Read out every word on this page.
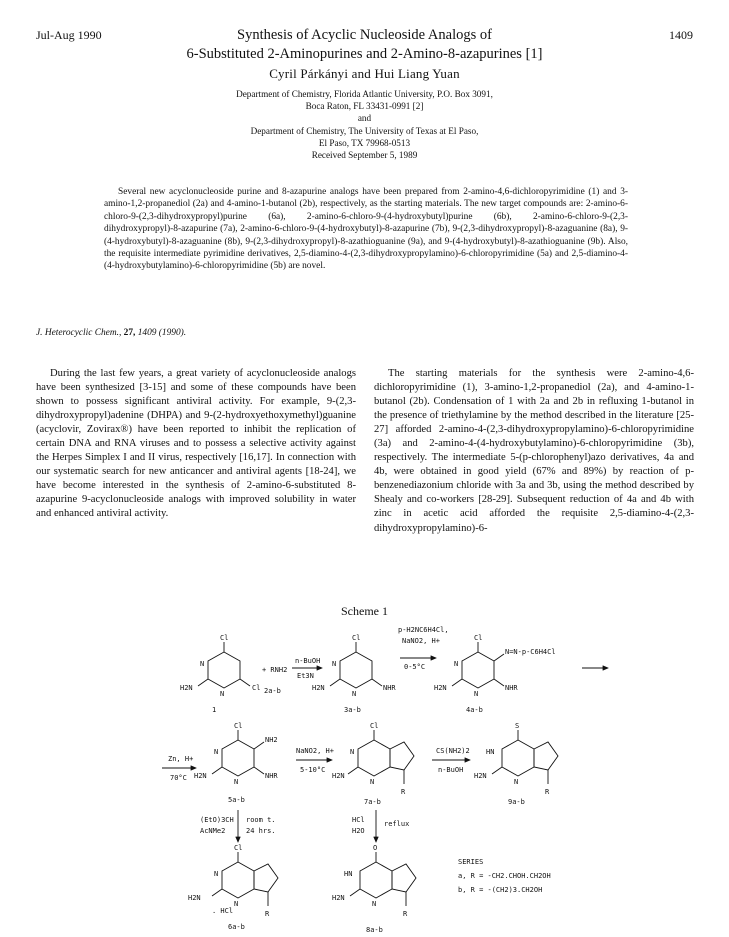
Jul-Aug 1990	1409
Synthesis of Acyclic Nucleoside Analogs of
6-Substituted 2-Aminopurines and 2-Amino-8-azapurines [1]
Cyril Párkányi and Hui Liang Yuan
Department of Chemistry, Florida Atlantic University, P.O. Box 3091,
Boca Raton, FL 33431-0991 [2]
and
Department of Chemistry, The University of Texas at El Paso,
El Paso, TX 79968-0513
Received September 5, 1989
Several new acyclonucleoside purine and 8-azapurine analogs have been prepared from 2-amino-4,6-dichloropyrimidine (1) and 3-amino-1,2-propanediol (2a) and 4-amino-1-butanol (2b), respectively, as the starting materials. The new target compounds are: 2-amino-6-chloro-9-(2,3-dihydroxypropyl)purine (6a), 2-amino-6-chloro-9-(4-hydroxybutyl)purine (6b), 2-amino-6-chloro-9-(2,3-dihydroxypropyl)-8-azapurine (7a), 2-amino-6-chloro-9-(4-hydroxybutyl)-8-azapurine (7b), 9-(2,3-dihydroxypropyl)-8-azaguanine (8a), 9-(4-hydroxybutyl)-8-azaguanine (8b), 9-(2,3-dihydroxypropyl)-8-azathioguanine (9a), and 9-(4-hydroxybutyl)-8-azathioguanine (9b). Also, the requisite intermediate pyrimidine derivatives, 2,5-diamino-4-(2,3-dihydroxypropylamino)-6-chloropyrimidine (5a) and 2,5-diamino-4-(4-hydroxybutylamino)-6-chloropyrimidine (5b) are novel.
J. Heterocyclic Chem., 27, 1409 (1990).

During the last few years, a great variety of acyclonucleoside analogs have been synthesized [3-15] and some of these compounds have been shown to possess significant antiviral activity. For example, 9-(2,3-dihydroxypropyl)adenine (DHPA) and 9-(2-hydroxyethoxymethyl)guanine (acyclovir, Zovirax®) have been reported to inhibit the replication of certain DNA and RNA viruses and to possess a selective activity against the Herpes Simplex I and II virus, respectively [16,17]. In connection with our systematic search for new anticancer and antiviral agents [18-24], we have become interested in the synthesis of 2-amino-6-substituted 8-azapurine 9-acyclonucleoside analogs with improved solubility in water and enhanced antiviral activity.

The starting materials for the synthesis were 2-amino-4,6-dichloropyrimidine (1), 3-amino-1,2-propanediol (2a), and 4-amino-1-butanol (2b). Condensation of 1 with 2a and 2b in refluxing 1-butanol in the presence of triethylamine by the method described in the literature [25-27] afforded 2-amino-4-(2,3-dihydroxypropylamino)-6-chloropyrimidine (3a) and 2-amino-4-(4-hydroxybutylamino)-6-chloropyrimidine (3b), respectively. The intermediate 5-(p-chlorophenyl)azo derivatives, 4a and 4b, were obtained in good yield (67% and 89%) by reaction of p-benzenediazonium chloride with 3a and 3b, using the method described by Shealy and co-workers [28-29]. Subsequent reduction of 4a and 4b with zinc in acetic acid afforded the requisite 2,5-diamino-4-(2,3-dihydroxypropylamino)-6-

Scheme 1
Cl
N
N
Cl
H2N
1
+ RNH2
2a-b
n-BuOH
Et3N
Cl
N
N
NHR
H2N
3a-b
p-H2NC6H4Cl,
NaNO2, H+
0-5°C
Cl
N=N-p-C6H4Cl
N
N
NHR
H2N
4a-b
Zn, H+
70°C
Cl
NH2
N
N
NHR
H2N
5a-b
NaNO2, H+
5-10°C
Cl
N
N
H2N
R
7a-b
CS(NH2)2
n-BuOH
S
HN
N
H2N
R
9a-b
(EtO)3CH
AcNMe2
room t.
24 hrs.
HCl
H2O
reflux
Cl
N
N
H2N
. HCl	R
6a-b
O
HN
N
H2N
R
8a-b
SERIES
a, R = -CH2.CHOH.CH2OH
b, R = -(CH2)3.CH2OH
